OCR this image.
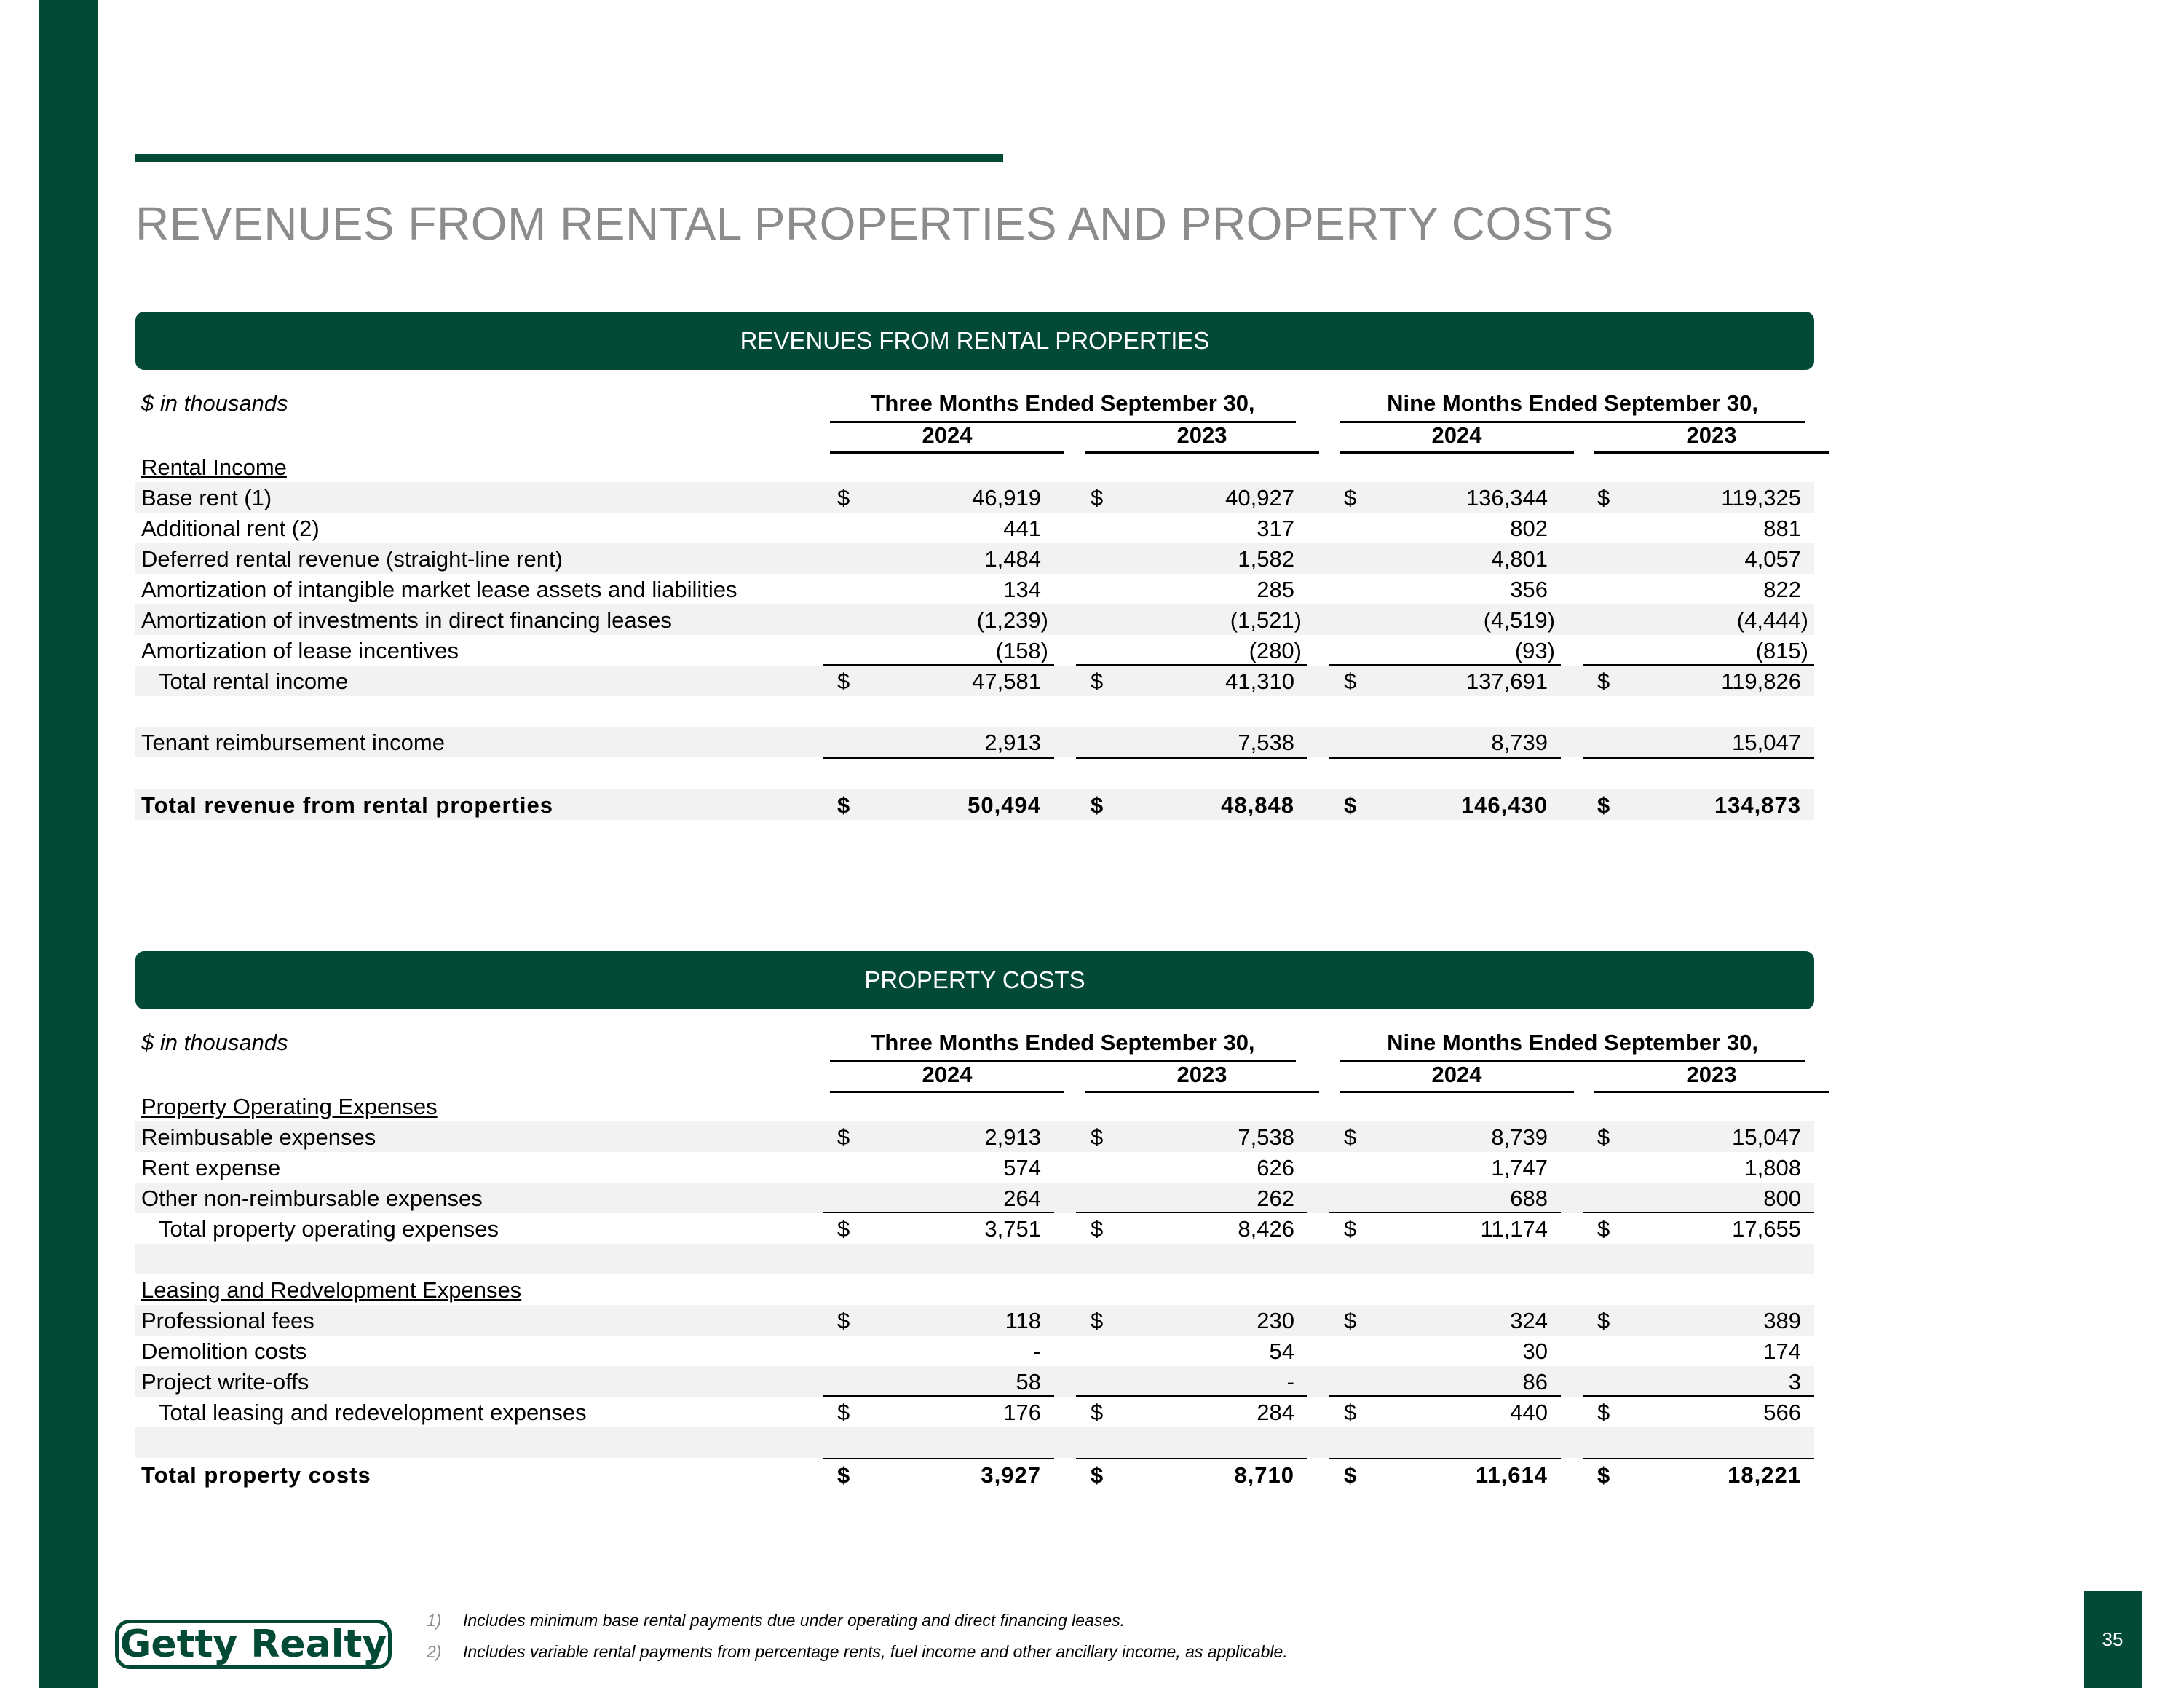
REVENUES FROM RENTAL PROPERTIES AND PROPERTY COSTS
REVENUES FROM RENTAL PROPERTIES
$ in thousands	Three Months Ended September 30,	Nine Months Ended September 30,
2024	2023	2024	2023
Rental Income
Base rent (1)	$	46,919 $	40,927 $	136,344 $	119,325
Additional rent (2)	441	317	802	881
Deferred rental revenue (straight-line rent)	1,484	1,582	4,801	4,057
Amortization of intangible market lease assets and liabilities	134	285	356	822
Amortization of investments in direct financing leases	(1,239)	(1,521)	(4,519)	(4,444)
Amortization of lease incentives	(158)	(280)	(93)	(815)
Total rental income	$	47,581 $	41,310 $	137,691 $	119,826
Tenant reimbursement income	2,913	7,538	8,739	15,047
Total revenue from rental properties	$	50,494 $	48,848 $	146,430 $	134,873
PROPERTY COSTS
$ in thousands	Three Months Ended September 30,	Nine Months Ended September 30,
2024	2023	2024	2023
Property Operating Expenses
Reimbusable expenses	$	2,913 $	7,538 $	8,739 $	15,047
Rent expense	574	626	1,747	1,808
Other non-reimbursable expenses	264	262	688	800
Total property operating expenses	$	3,751 $	8,426 $	11,174 $	17,655
Leasing and Redvelopment Expenses
Professional fees	$	118 $	230 $	324 $	389
Demolition costs	-	54	30	174
Project write-offs	58	-	86	3
Total leasing and redevelopment expenses	$	176 $	284 $	440 $	566
Total property costs	$	3,927 $	8,710 $	11,614 $	18,221
Getty Realty
1) Includes minimum base rental payments due under operating and direct financing leases.
2) Includes variable rental payments from percentage rents, fuel income and other ancillary income, as applicable.
35
